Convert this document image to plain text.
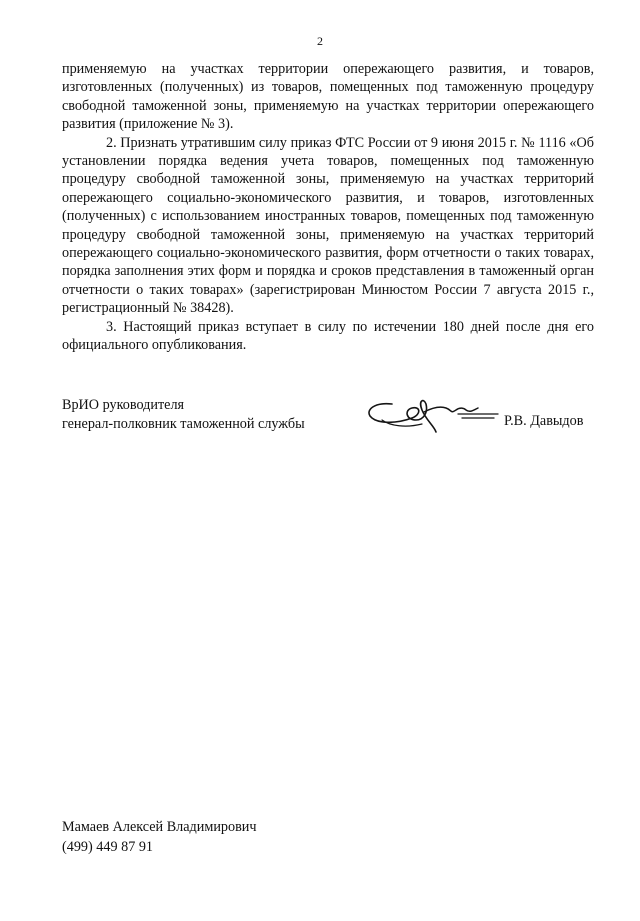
2

применяемую на участках территории опережающего развития, и товаров, изготовленных (полученных) из товаров, помещенных под таможенную процедуру свободной таможенной зоны, применяемую на участках территории опережающего развития (приложение № 3).

2. Признать утратившим силу приказ ФТС России от 9 июня 2015 г. № 1116 «Об установлении порядка ведения учета товаров, помещенных под таможенную процедуру свободной таможенной зоны, применяемую на участках территорий опережающего социально-экономического развития, и товаров, изготовленных (полученных) с использованием иностранных товаров, помещенных под таможенную процедуру свободной таможенной зоны, применяемую на участках территорий опережающего социально-экономического развития, форм отчетности о таких товарах, порядка заполнения этих форм и порядка и сроков представления в таможенный орган отчетности о таких товарах» (зарегистрирован Минюстом России 7 августа 2015 г., регистрационный № 38428).

3. Настоящий приказ вступает в силу по истечении 180 дней после дня его официального опубликования.

ВрИО руководителя
генерал-полковник таможенной службы	Р.В. Давыдов
Мамаев Алексей Владимирович
(499) 449 87 91
